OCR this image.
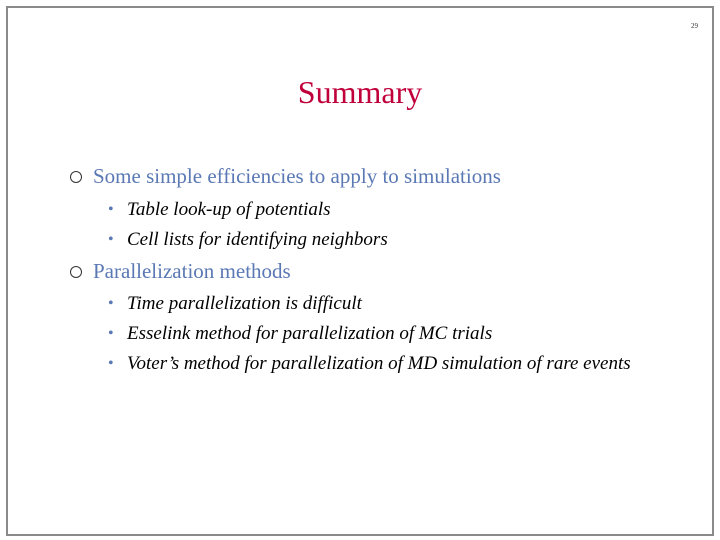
29
Summary
Some simple efficiencies to apply to simulations
• Table look-up of potentials
• Cell lists for identifying neighbors
Parallelization methods
• Time parallelization is difficult
• Esselink method for parallelization of MC trials
• Voter’s method for parallelization of MD simulation of rare events
